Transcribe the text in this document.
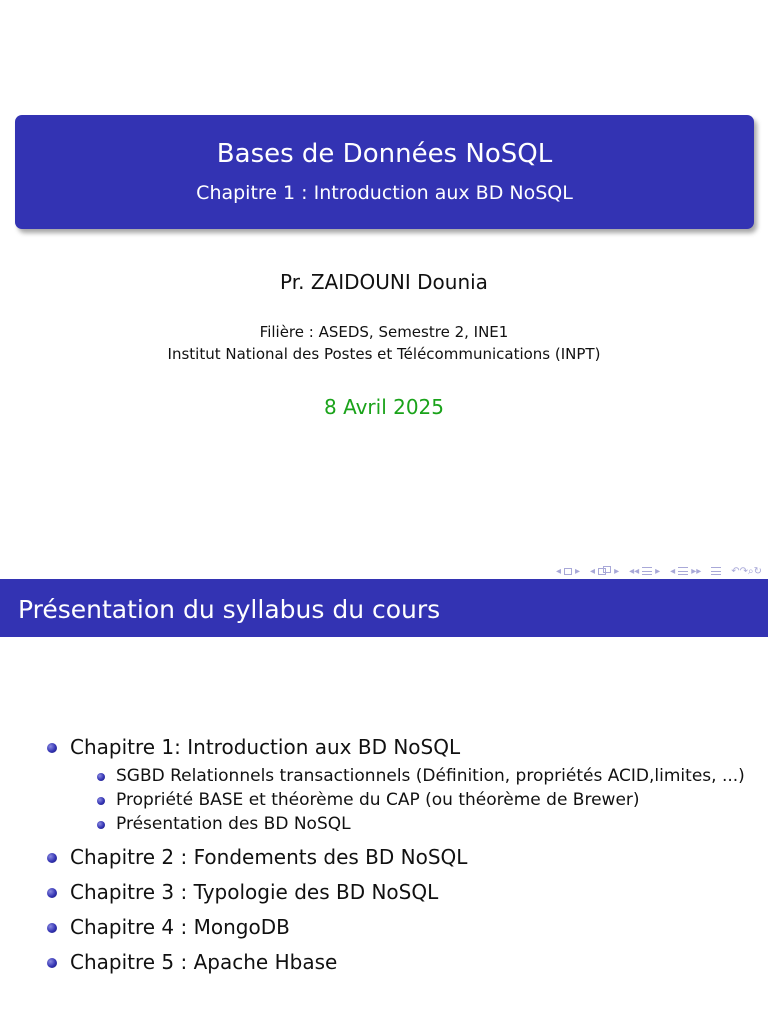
Bases de Données NoSQL
Chapitre 1 : Introduction aux BD NoSQL
Pr. ZAIDOUNI Dounia
Filière : ASEDS, Semestre 2, INE1
Institut National des Postes et Télécommunications (INPT)
8 Avril 2025
◂ ▸ ◂ ▸ ◂◂ ▸ ◂ ▸▸	↶↷⌕↻
Présentation du syllabus du cours
Chapitre 1: Introduction aux BD NoSQL
SGBD Relationnels transactionnels (Définition, propriétés ACID,limites, ...)
Propriété BASE et théorème du CAP (ou théorème de Brewer)
Présentation des BD NoSQL
Chapitre 2 : Fondements des BD NoSQL
Chapitre 3 : Typologie des BD NoSQL
Chapitre 4 : MongoDB
Chapitre 5 : Apache Hbase
